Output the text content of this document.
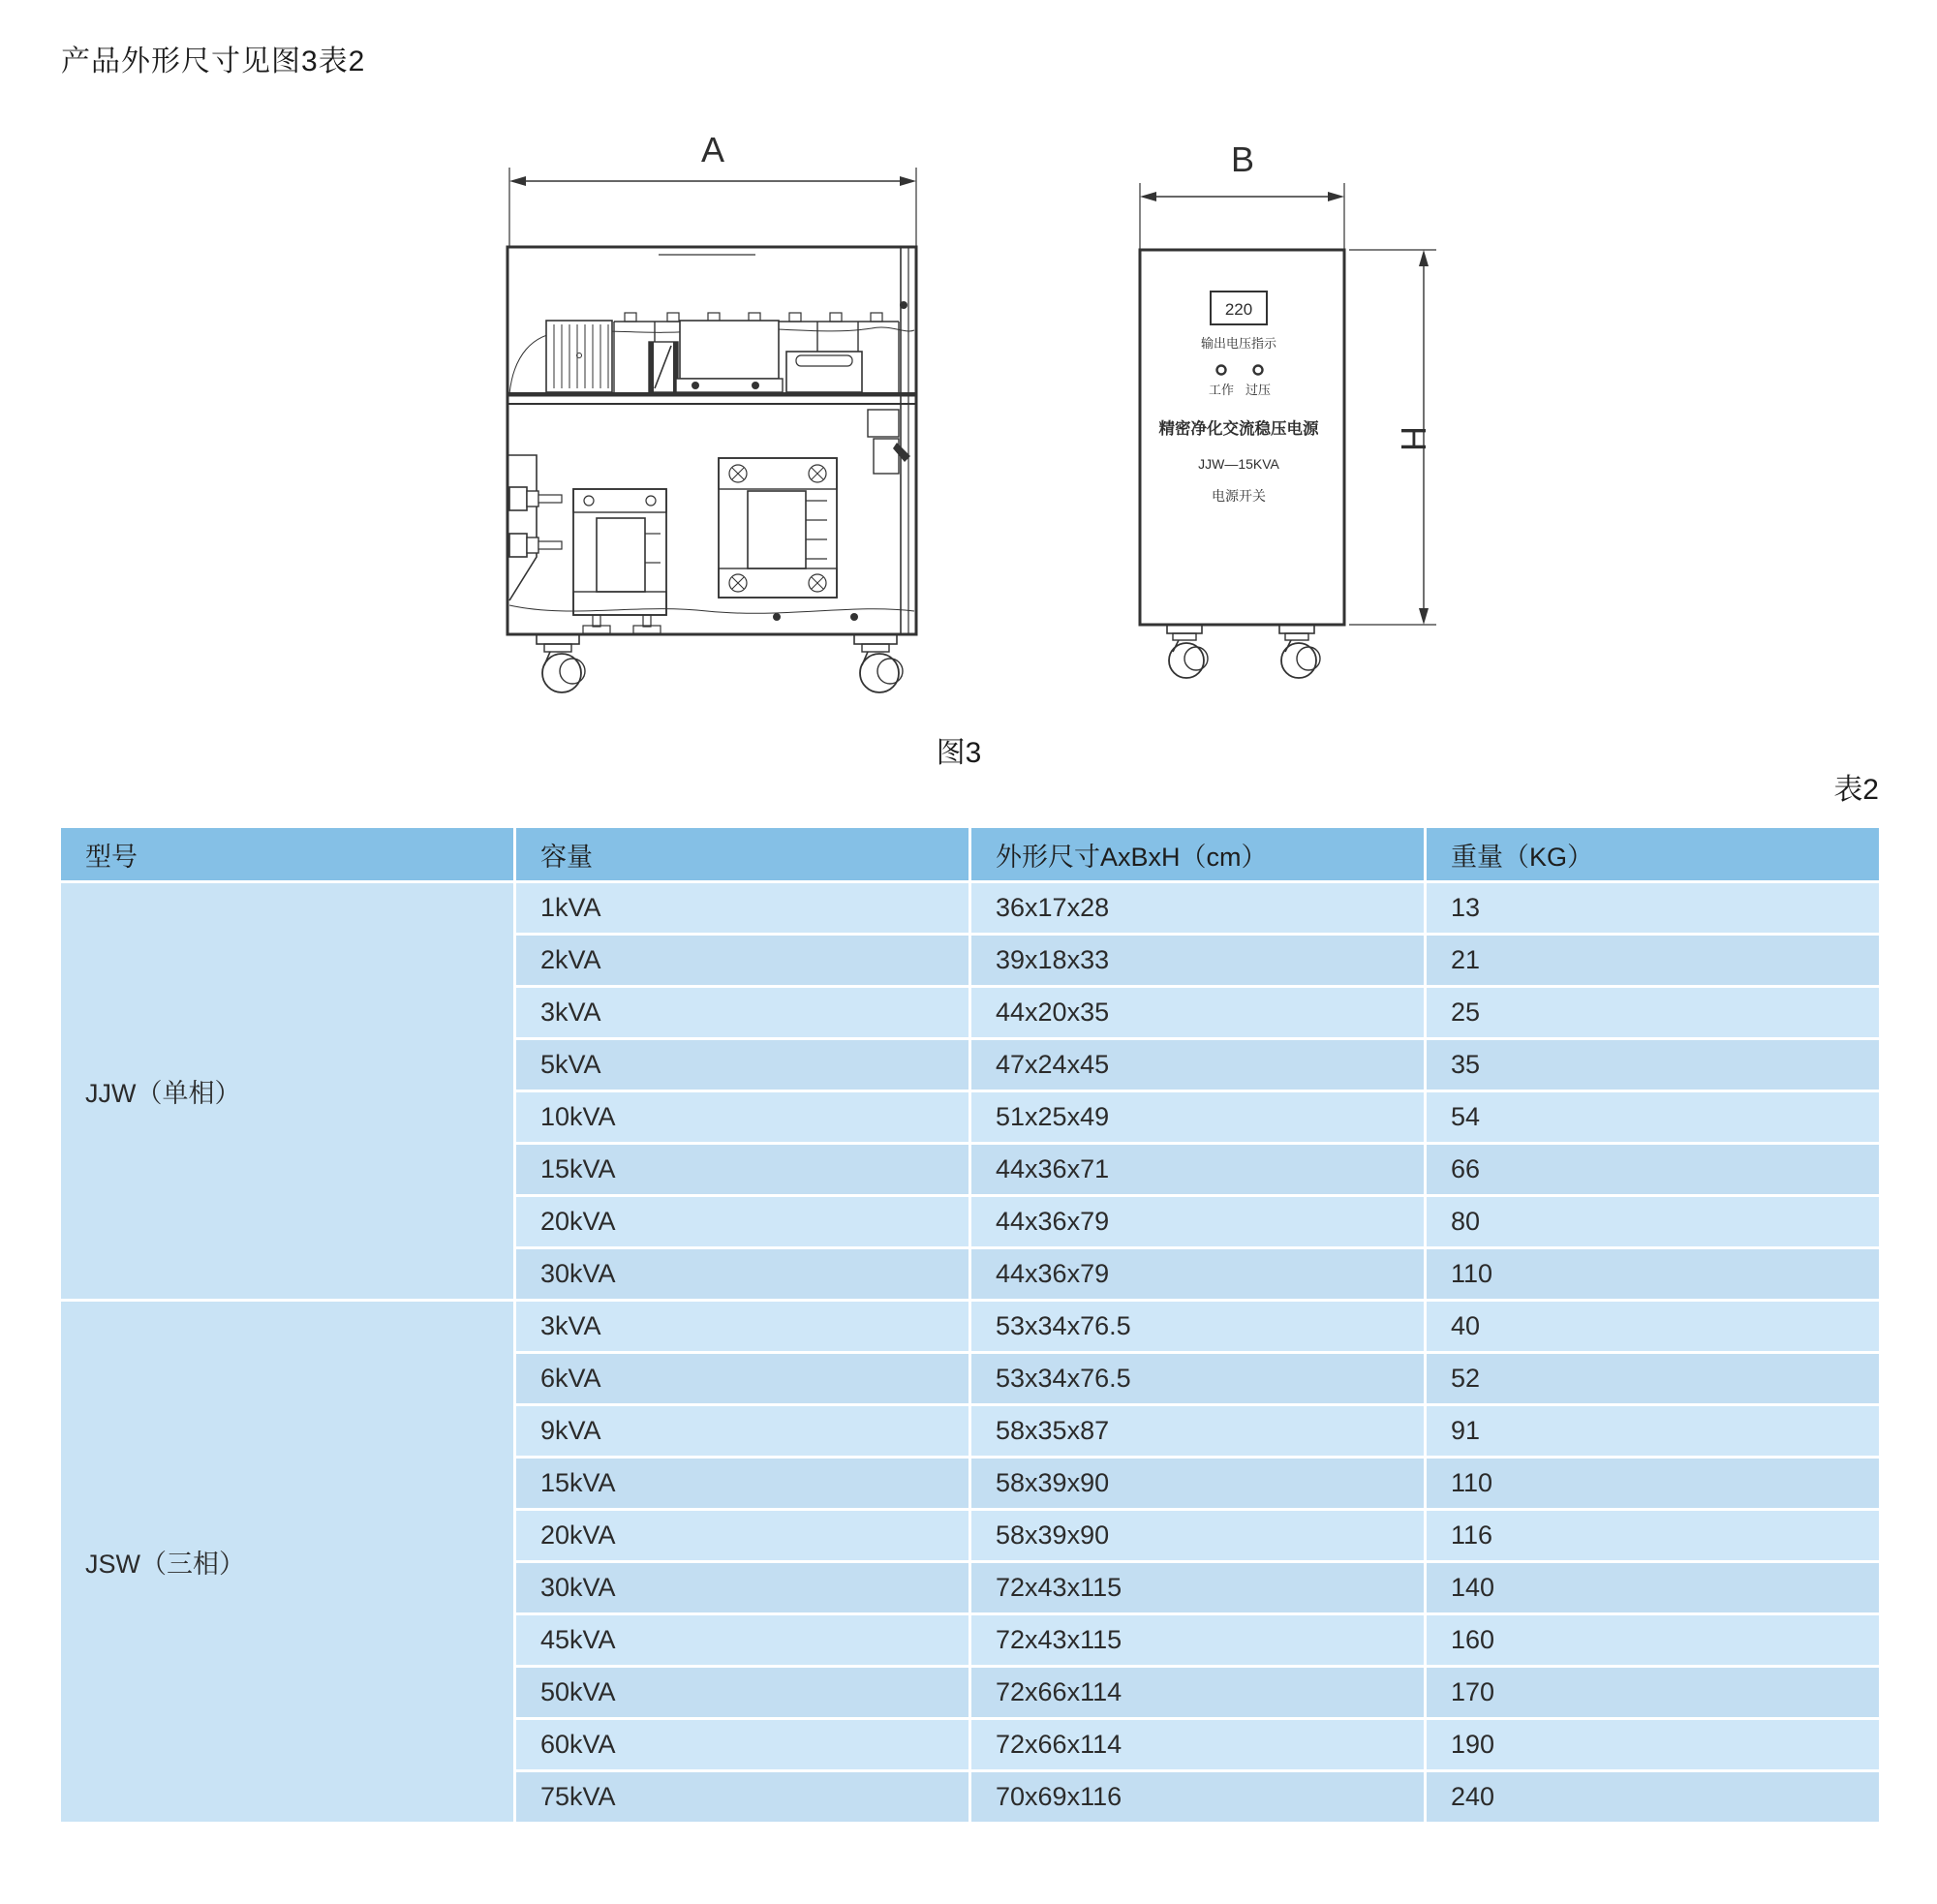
产品外形尺寸见图3表2
A	B
220
输出电压指示
工作 过压
精密净化交流稳压电源
JJW—15KVA
电源开关
H
图3
表2
型号	容量	外形尺寸AxBxH（cm）	重量（KG）
JJW（单相）
1kVA	36x17x28	13
2kVA	39x18x33	21
3kVA	44x20x35	25
5kVA	47x24x45	35
10kVA	51x25x49	54
15kVA	44x36x71	66
20kVA	44x36x79	80
30kVA	44x36x79	110
JSW（三相）
3kVA	53x34x76.5	40
6kVA	53x34x76.5	52
9kVA	58x35x87	91
15kVA	58x39x90	110
20kVA	58x39x90	116
30kVA	72x43x115	140
45kVA	72x43x115	160
50kVA	72x66x114	170
60kVA	72x66x114	190
75kVA	70x69x116	240
